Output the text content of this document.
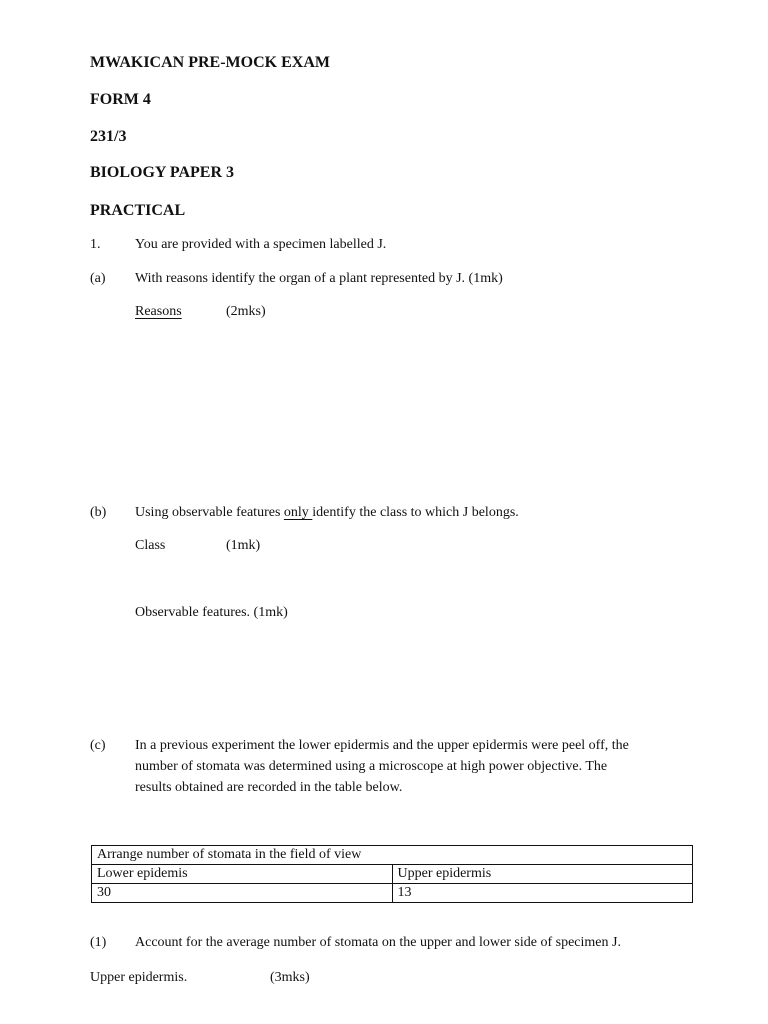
MWAKICAN PRE-MOCK EXAM
FORM 4
231/3
BIOLOGY PAPER 3
PRACTICAL
1. You are provided with a specimen labelled J.
(a) With reasons identify the organ of a plant represented by J. (1mk)
Reasons	(2mks)
(b) Using observable features only identify the class to which J belongs.
Class	(1mk)
Observable features. (1mk)
(c) In a previous experiment the lower epidermis and the upper epidermis were peel off, the
number of stomata was determined using a microscope at high power objective. The
results obtained are recorded in the table below.
Arrange number of stomata in the field of view	
Lower epidemis	Upper epidermis
30	13
(1) Account for the average number of stomata on the upper and lower side of specimen J.
Upper epidermis.	(3mks)
